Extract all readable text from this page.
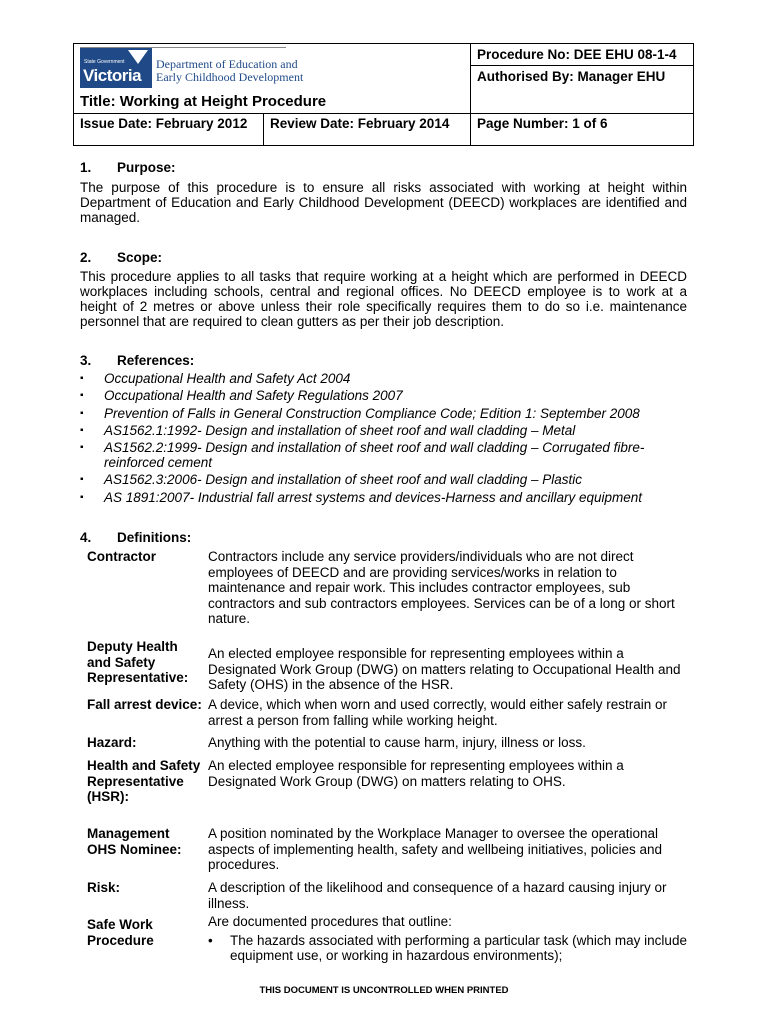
State Government
Victoria
Department of Education and
Early Childhood Development
Procedure No: DEE EHU 08-1-4
Authorised By: Manager EHU
Title: Working at Height Procedure
Issue Date: February 2012	Review Date: February 2014	Page Number: 1 of 6
1. Purpose:
The purpose of this procedure is to ensure all risks associated with working at height within Department of Education and Early Childhood Development (DEECD) workplaces are identified and managed.
2. Scope:
This procedure applies to all tasks that require working at a height which are performed in DEECD workplaces including schools, central and regional offices. No DEECD employee is to work at a height of 2 metres or above unless their role specifically requires them to do so i.e. maintenance personnel that are required to clean gutters as per their job description.
3. References:
▪ Occupational Health and Safety Act 2004
▪ Occupational Health and Safety Regulations 2007
▪ Prevention of Falls in General Construction Compliance Code; Edition 1: September 2008
▪ AS1562.1:1992- Design and installation of sheet roof and wall cladding – Metal
▪ AS1562.2:1999- Design and installation of sheet roof and wall cladding – Corrugated fibre-reinforced cement
▪ AS1562.3:2006- Design and installation of sheet roof and wall cladding – Plastic
▪ AS 1891:2007- Industrial fall arrest systems and devices-Harness and ancillary equipment
4. Definitions:
Contractor	Contractors include any service providers/individuals who are not direct employees of DEECD and are providing services/works in relation to maintenance and repair work. This includes contractor employees, sub contractors and sub contractors employees. Services can be of a long or short nature.
Deputy Health and Safety Representative:
An elected employee responsible for representing employees within a Designated Work Group (DWG) on matters relating to Occupational Health and Safety (OHS) in the absence of the HSR.
Fall arrest device: A device, which when worn and used correctly, would either safely restrain or arrest a person from falling while working height.
Hazard:	Anything with the potential to cause harm, injury, illness or loss.
Health and Safety Representative (HSR):
An elected employee responsible for representing employees within a Designated Work Group (DWG) on matters relating to OHS.
Management OHS Nominee:
A position nominated by the Workplace Manager to oversee the operational aspects of implementing health, safety and wellbeing initiatives, policies and procedures.
Risk:	A description of the likelihood and consequence of a hazard causing injury or illness.
Safe Work Procedure
Are documented procedures that outline:
• The hazards associated with performing a particular task (which may include equipment use, or working in hazardous environments);
THIS DOCUMENT IS UNCONTROLLED WHEN PRINTED
